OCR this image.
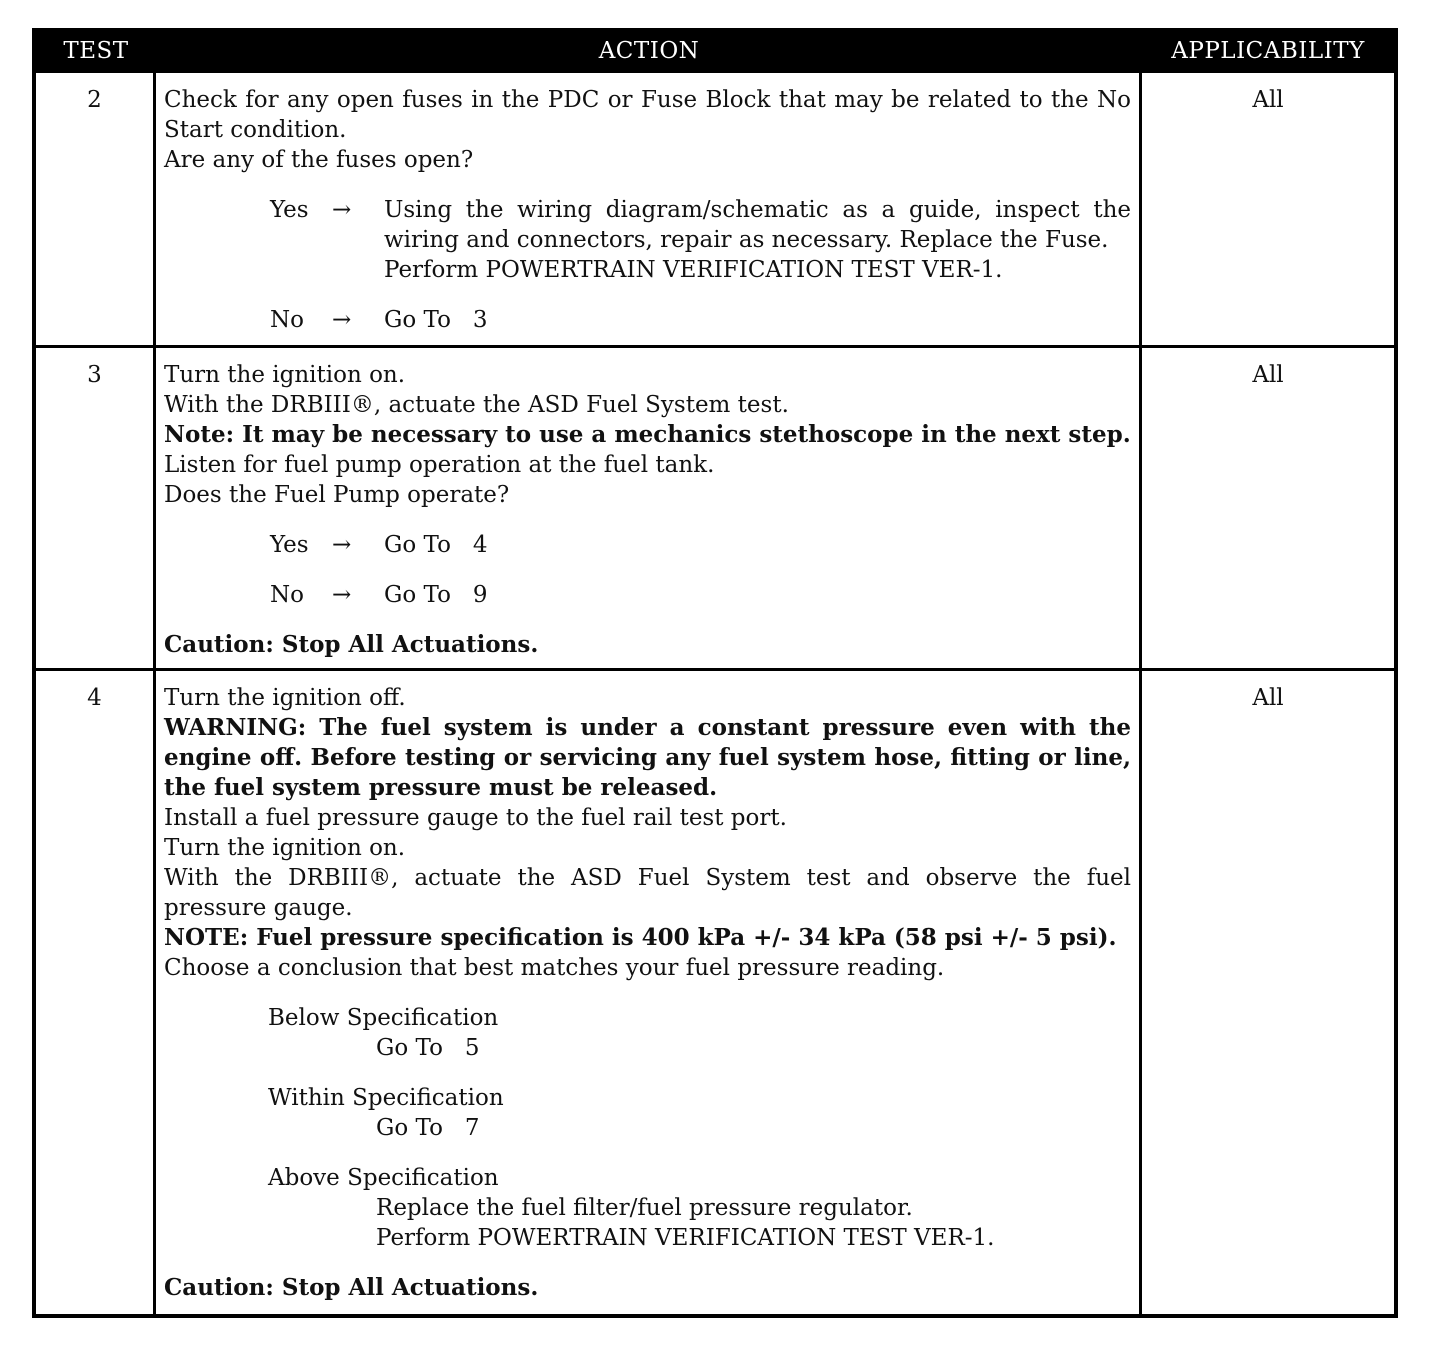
TEST	ACTION	APPLICABILITY
2	Check for any open fuses in the PDC or Fuse Block that may be related to the No Start condition.
Are any of the fuses open?
Yes	→	Using the wiring diagram/schematic as a guide, inspect the wiring and connectors, repair as necessary. Replace the Fuse.
Perform POWERTRAIN VERIFICATION TEST VER-1.
No	→	Go To   3
All
3	Turn the ignition on.
With the DRBIII®, actuate the ASD Fuel System test.
Note: It may be necessary to use a mechanics stethoscope in the next step.
Listen for fuel pump operation at the fuel tank.
Does the Fuel Pump operate?
Yes	→	Go To   4
No	→	Go To   9
Caution: Stop All Actuations.
All
4	Turn the ignition off.
WARNING: The fuel system is under a constant pressure even with the engine off. Before testing or servicing any fuel system hose, fitting or line, the fuel system pressure must be released.
Install a fuel pressure gauge to the fuel rail test port.
Turn the ignition on.
With the DRBIII®, actuate the ASD Fuel System test and observe the fuel pressure gauge.
NOTE: Fuel pressure specification is 400 kPa +/- 34 kPa (58 psi +/- 5 psi).
Choose a conclusion that best matches your fuel pressure reading.
Below Specification
Go To   5
Within Specification
Go To   7
Above Specification
Replace the fuel filter/fuel pressure regulator.
Perform POWERTRAIN VERIFICATION TEST VER-1.
Caution: Stop All Actuations.
All
